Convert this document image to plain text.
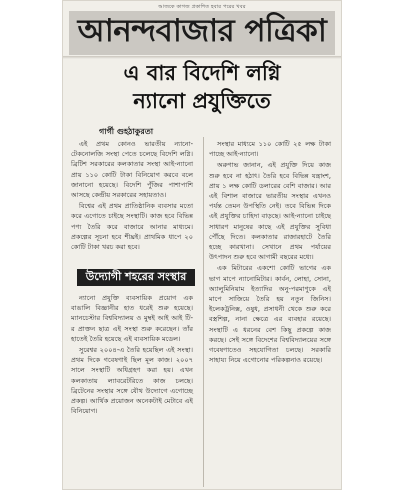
আজকে কাগজ প্রকাশিত হবার পরের খবর
আনন্দবাজার পত্রিকা
এ বার বিদেশি লগ্নি
ন্যানো প্রযুক্তিতে
গার্গী গুহঠাকুরতা

এই প্রথম কোনও ভারতীয় ন্যানো-টেকনোলজি সংস্থা পেতে চলেছে বিদেশি লগ্নি। ব্রিটিশ সরকারের কলকাতার সংস্থা আই-ন্যানো প্রায় ১১০ কোটি টাকা বিনিয়োগ করবে বলে জানানো হয়েছে। বিদেশি পুঁজির পাশাপাশি আসছে কেন্দ্রীয় সরকারের সহায়তাও।

বিশ্বের এই প্রথম প্রাতিষ্ঠানিক ব্যবসার মতো করে এগোতে চাইছে সংস্থাটি। কাজ হবে বিভিন্ন পণ্য তৈরি করে বাজারে আনার মাধ্যমে। প্রকল্পের সূচনা হবে শীঘ্রই। প্রাথমিক ধাপে ২০ কোটি টাকা খরচ করা হবে।

উদ্যোগী শহরের সংস্থার

ন্যানো প্রযুক্তি ব্যবসায়িক প্রয়োগ এক বাঙালি বিজ্ঞানীর হাত ধরেই শুরু হয়েছে। ম্যানচেস্টার বিশ্ববিদ্যালয় ও মুম্বই আই আই টি-র প্রাক্তন ছাত্র এই সংস্থা শুরু করেছেন। তাঁর হাতেই তৈরি হয়েছে এই ব্যবসায়িক মডেল।

সুরেশ্বর ২০০৪-এ তৈরি হয়েছিল এই সংস্থা। প্রথম দিকে গবেষণাই ছিল মূল কাজ। ২০০৭ সালে সংস্থাটি অধিগ্রহণ করা হয়। এখন কলকাতায় ল্যাবরেটরিতে কাজ চলছে। ব্রিটেনের সংস্থার সঙ্গে যৌথ উদ্যোগে এগোচ্ছে প্রকল্প। আর্থিক প্রয়োজন অনেকটাই মেটাবে এই বিনিয়োগ।

সংস্থার মাধ্যমে ১১০ কোটি ২৫ লক্ষ টাকা পাচ্ছে আই-ন্যানো।

অরুণাভ জানান, এই প্রযুক্তি দিয়ে কাজ শুরু হবে না হঠাৎ। তৈরি হবে বিভিন্ন যন্ত্রাংশ, প্রায় ১ লক্ষ কোটি ডলারের বেশি বাজার। আর এই বিশাল বাজারে ভারতীয় সংস্থার এখনও পর্যন্ত তেমন উপস্থিতি নেই। তবে বিভিন্ন দিকে এই প্রযুক্তির চাহিদা বাড়ছে। আই-ন্যানো চাইছে সাধারণ মানুষের কাছে এই প্রযুক্তির সুবিধা পৌঁছে দিতে। কলকাতার রাজারহাটে তৈরি হচ্ছে কারখানা। সেখানে প্রথম পর্যায়ের উৎপাদন শুরু হবে আগামী বছরের মধ্যে।

এক মিটারের একশো কোটি ভাগের এক ভাগ মাপে ন্যানোমিটার। কার্বন, লোহা, সোনা, অ্যালুমিনিয়াম ইত্যাদির অনু-পরমাণুকে এই মাপে সাজিয়ে তৈরি হয় নতুন জিনিস। ইলেকট্রনিক্স, ওষুধ, প্রসাধনী থেকে শুরু করে বস্ত্রশিল্প, নানা ক্ষেত্রে এর ব্যবহার রয়েছে। সংস্থাটি এ ধরনের বেশ কিছু প্রকল্পে কাজ করছে। সেই সঙ্গে বিদেশের বিশ্ববিদ্যালয়ের সঙ্গে গবেষণাতেও সহযোগিতা চলছে। সরকারি সাহায্য নিয়ে এগোনোর পরিকল্পনাও রয়েছে।
